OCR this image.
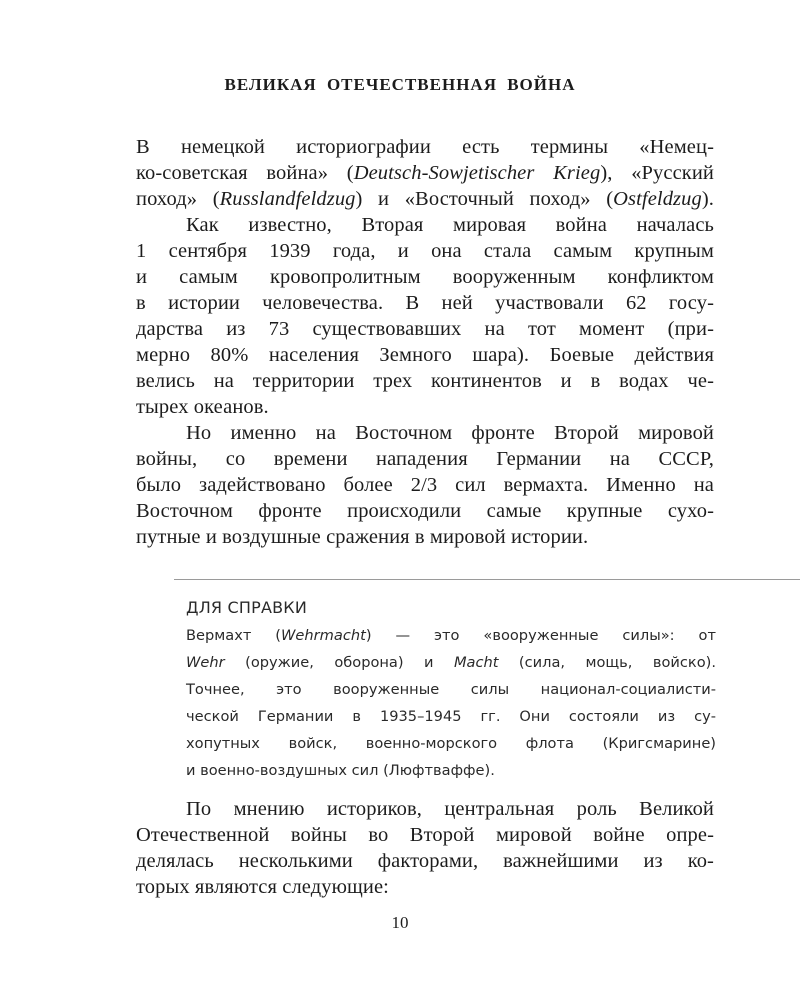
ВЕЛИКАЯ ОТЕЧЕСТВЕННАЯ ВОЙНА
В немецкой историографии есть термины «Немец-
ко-советская война» (Deutsch-Sowjetischer Krieg), «Русский
поход» (Russlandfeldzug) и «Восточный поход» (Ostfeldzug).
Как известно, Вторая мировая война началась
1 сентября 1939 года, и она стала самым крупным
и самым кровопролитным вооруженным конфликтом
в истории человечества. В ней участвовали 62 госу-
дарства из 73 существовавших на тот момент (при-
мерно 80% населения Земного шара). Боевые действия
велись на территории трех континентов и в водах че-
тырех океанов.
Но именно на Восточном фронте Второй мировой
войны, со времени нападения Германии на СССР,
было задействовано более 2/3 сил вермахта. Именно на
Восточном фронте происходили самые крупные сухо-
путные и воздушные сражения в мировой истории.
ДЛЯ СПРАВКИ
Вермахт (Wehrmacht) — это «вооруженные силы»: от
Wehr (оружие, оборона) и Macht (сила, мощь, войско).
Точнее, это вооруженные силы национал-социалисти-
ческой Германии в 1935–1945 гг. Они состояли из су-
хопутных войск, военно-морского флота (Кригсмарине)
и военно-воздушных сил (Люфтваффе).
По мнению историков, центральная роль Великой
Отечественной войны во Второй мировой войне опре-
делялась несколькими факторами, важнейшими из ко-
торых являются следующие:
10
